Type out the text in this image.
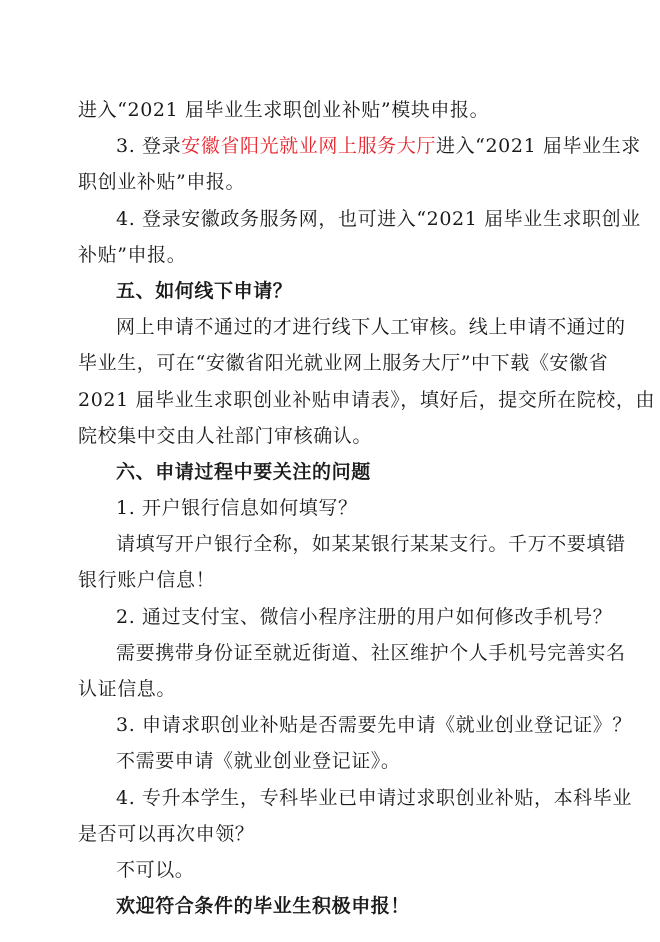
进入“2021 届毕业生求职创业补贴”模块申报。
3. 登录安徽省阳光就业网上服务大厅进入“2021 届毕业生求
职创业补贴”申报。
4. 登录安徽政务服务网，也可进入“2021 届毕业生求职创业
补贴”申报。
五、如何线下申请？
网上申请不通过的才进行线下人工审核。线上申请不通过的
毕业生，可在“安徽省阳光就业网上服务大厅”中下载《安徽省
2021 届毕业生求职创业补贴申请表》，填好后，提交所在院校，由
院校集中交由人社部门审核确认。
六、申请过程中要关注的问题
1. 开户银行信息如何填写？
请填写开户银行全称，如某某银行某某支行。千万不要填错
银行账户信息！
2. 通过支付宝、微信小程序注册的用户如何修改手机号？
需要携带身份证至就近街道、社区维护个人手机号完善实名
认证信息。
3. 申请求职创业补贴是否需要先申请《就业创业登记证》？
不需要申请《就业创业登记证》。
4. 专升本学生，专科毕业已申请过求职创业补贴，本科毕业
是否可以再次申领？
不可以。
欢迎符合条件的毕业生积极申报！
